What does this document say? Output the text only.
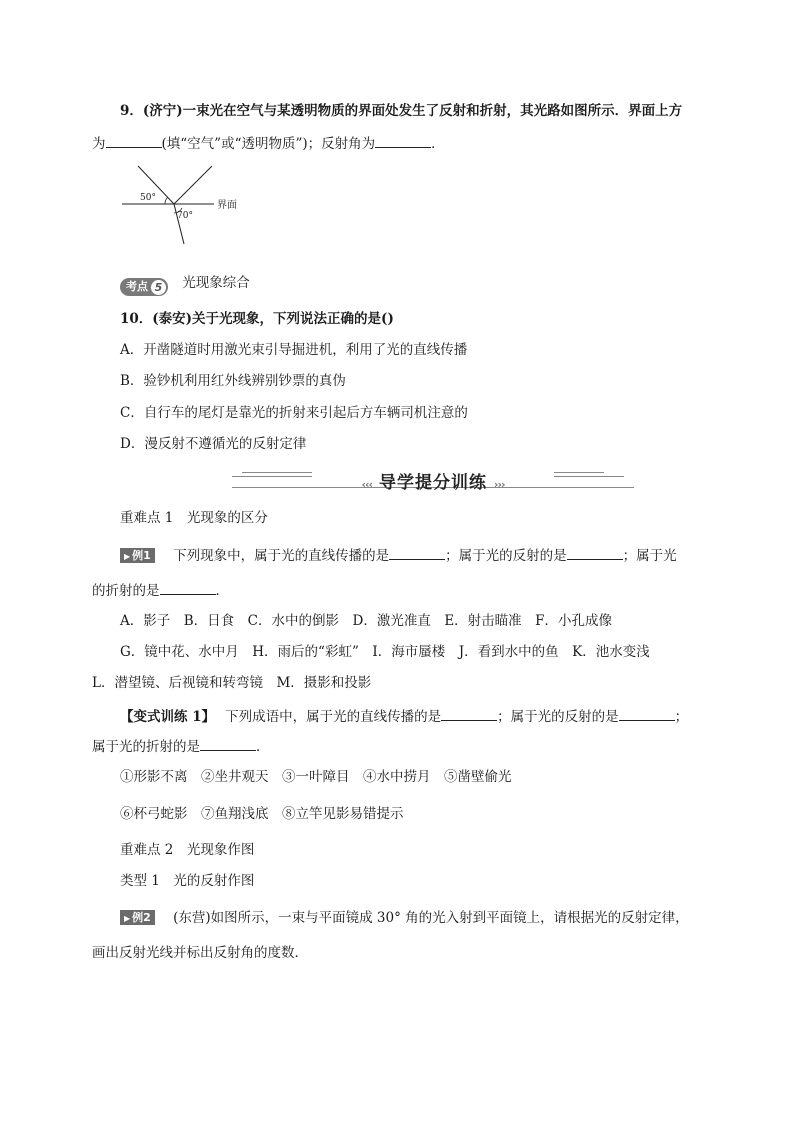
9．(济宁)一束光在空气与某透明物质的界面处发生了反射和折射，其光路如图所示．界面上方
为	(填“空气”或“透明物质”)；反射角为	．
50°
70°
界面
考点 5 光现象综合
10．(泰安)关于光现象，下列说法正确的是()
A．开凿隧道时用激光束引导掘进机，利用了光的直线传播
B．验钞机利用红外线辨别钞票的真伪
C．自行车的尾灯是靠光的折射来引起后方车辆司机注意的
D．漫反射不遵循光的反射定律
‹‹‹ 导学提分训练 ›››
重难点 1　光现象的区分
▶ 例1 下列现象中，属于光的直线传播的是	；属于光的反射的是	；属于光
的折射的是	．
A．影子　B．日食　C．水中的倒影　D．激光准直　E．射击瞄准　F．小孔成像
G．镜中花、水中月　H．雨后的“彩虹”　I．海市蜃楼　J．看到水中的鱼　K．池水变浅
L．潜望镜、后视镜和转弯镜　M．摄影和投影
【变式训练 1】 下列成语中，属于光的直线传播的是	；属于光的反射的是	；
属于光的折射的是	．
①形影不离　②坐井观天　③一叶障目　④水中捞月　⑤凿壁偷光
⑥杯弓蛇影　⑦鱼翔浅底　⑧立竿见影‬易错提示
重难点 2　光现象作图
类型 1　光的反射作图
▶ 例2 (东营)如图所示，一束与平面镜成 30° 角的光入射到平面镜上，请根据光的反射定律，
画出反射光线并标出反射角的度数．
